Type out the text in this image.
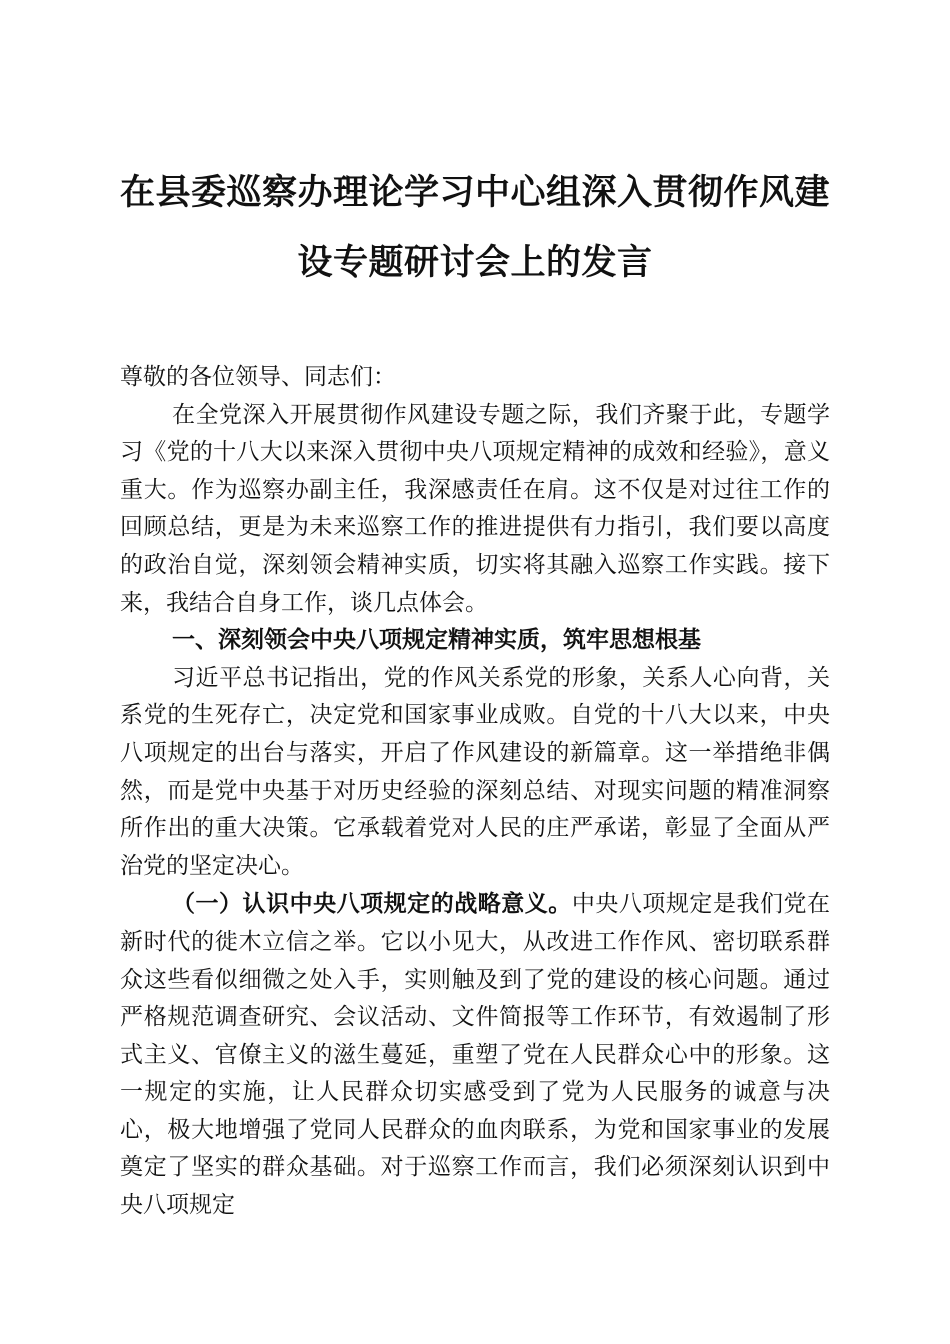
在县委巡察办理论学习中心组深入贯彻作风建
设专题研讨会上的发言

尊敬的各位领导、同志们：

在全党深入开展贯彻作风建设专题之际，我们齐聚于此，专题学习《党的十八大以来深入贯彻中央八项规定精神的成效和经验》，意义重大。作为巡察办副主任，我深感责任在肩。这不仅是对过往工作的回顾总结，更是为未来巡察工作的推进提供有力指引，我们要以高度的政治自觉，深刻领会精神实质，切实将其融入巡察工作实践。接下来，我结合自身工作，谈几点体会。

一、深刻领会中央八项规定精神实质，筑牢思想根基

习近平总书记指出，党的作风关系党的形象，关系人心向背，关系党的生死存亡，决定党和国家事业成败。自党的十八大以来，中央八项规定的出台与落实，开启了作风建设的新篇章。这一举措绝非偶然，而是党中央基于对历史经验的深刻总结、对现实问题的精准洞察所作出的重大决策。它承载着党对人民的庄严承诺，彰显了全面从严治党的坚定决心。

（一）认识中央八项规定的战略意义。中央八项规定是我们党在新时代的徙木立信之举。它以小见大，从改进工作作风、密切联系群众这些看似细微之处入手，实则触及到了党的建设的核心问题。通过严格规范调查研究、会议活动、文件简报等工作环节，有效遏制了形式主义、官僚主义的滋生蔓延，重塑了党在人民群众心中的形象。这一规定的实施，让人民群众切实感受到了党为人民服务的诚意与决心，极大地增强了党同人民群众的血肉联系，为党和国家事业的发展奠定了坚实的群众基础。对于巡察工作而言，我们必须深刻认识到中央八项规定
